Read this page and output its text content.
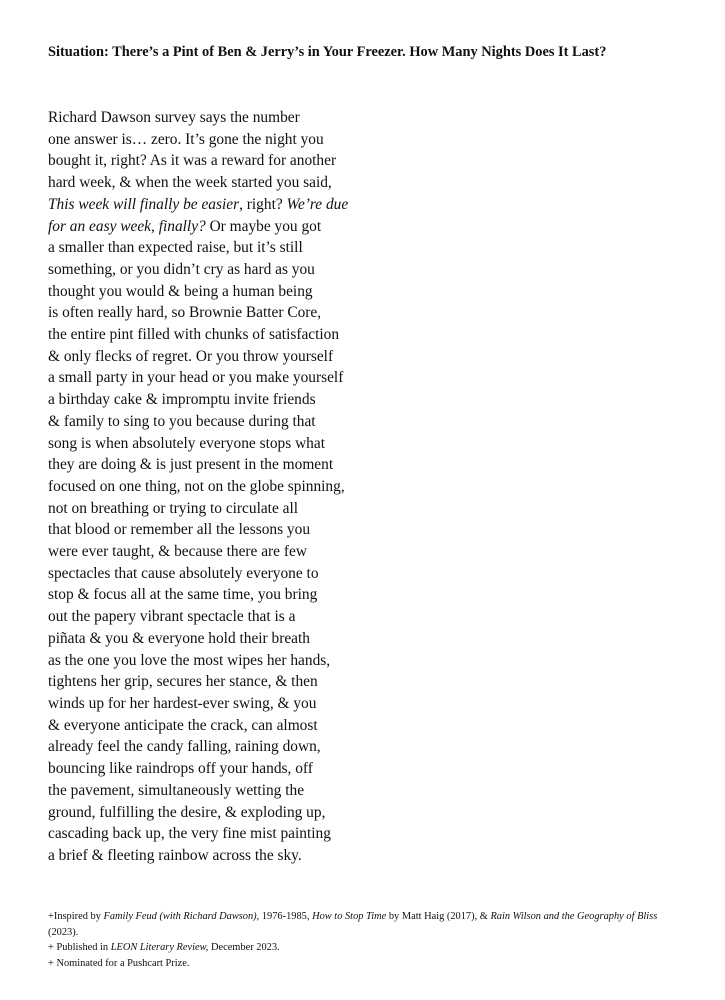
Situation: There’s a Pint of Ben & Jerry’s in Your Freezer. How Many Nights Does It Last?
Richard Dawson survey says the number
one answer is… zero. It’s gone the night you
bought it, right? As it was a reward for another
hard week, & when the week started you said,
This week will finally be easier, right? We’re due
for an easy week, finally? Or maybe you got
a smaller than expected raise, but it’s still
something, or you didn’t cry as hard as you
thought you would & being a human being
is often really hard, so Brownie Batter Core,
the entire pint filled with chunks of satisfaction
& only flecks of regret. Or you throw yourself
a small party in your head or you make yourself
a birthday cake & impromptu invite friends
& family to sing to you because during that
song is when absolutely everyone stops what
they are doing & is just present in the moment
focused on one thing, not on the globe spinning,
not on breathing or trying to circulate all
that blood or remember all the lessons you
were ever taught, & because there are few
spectacles that cause absolutely everyone to
stop & focus all at the same time, you bring
out the papery vibrant spectacle that is a
piñata & you & everyone hold their breath
as the one you love the most wipes her hands,
tightens her grip, secures her stance, & then
winds up for her hardest-ever swing, & you
& everyone anticipate the crack, can almost
already feel the candy falling, raining down,
bouncing like raindrops off your hands, off
the pavement, simultaneously wetting the
ground, fulfilling the desire, & exploding up,
cascading back up, the very fine mist painting
a brief & fleeting rainbow across the sky.
+Inspired by Family Feud (with Richard Dawson), 1976-1985, How to Stop Time by Matt Haig (2017), & Rain Wilson and the Geography of Bliss (2023).
+ Published in LEON Literary Review, December 2023.
+ Nominated for a Pushcart Prize.
